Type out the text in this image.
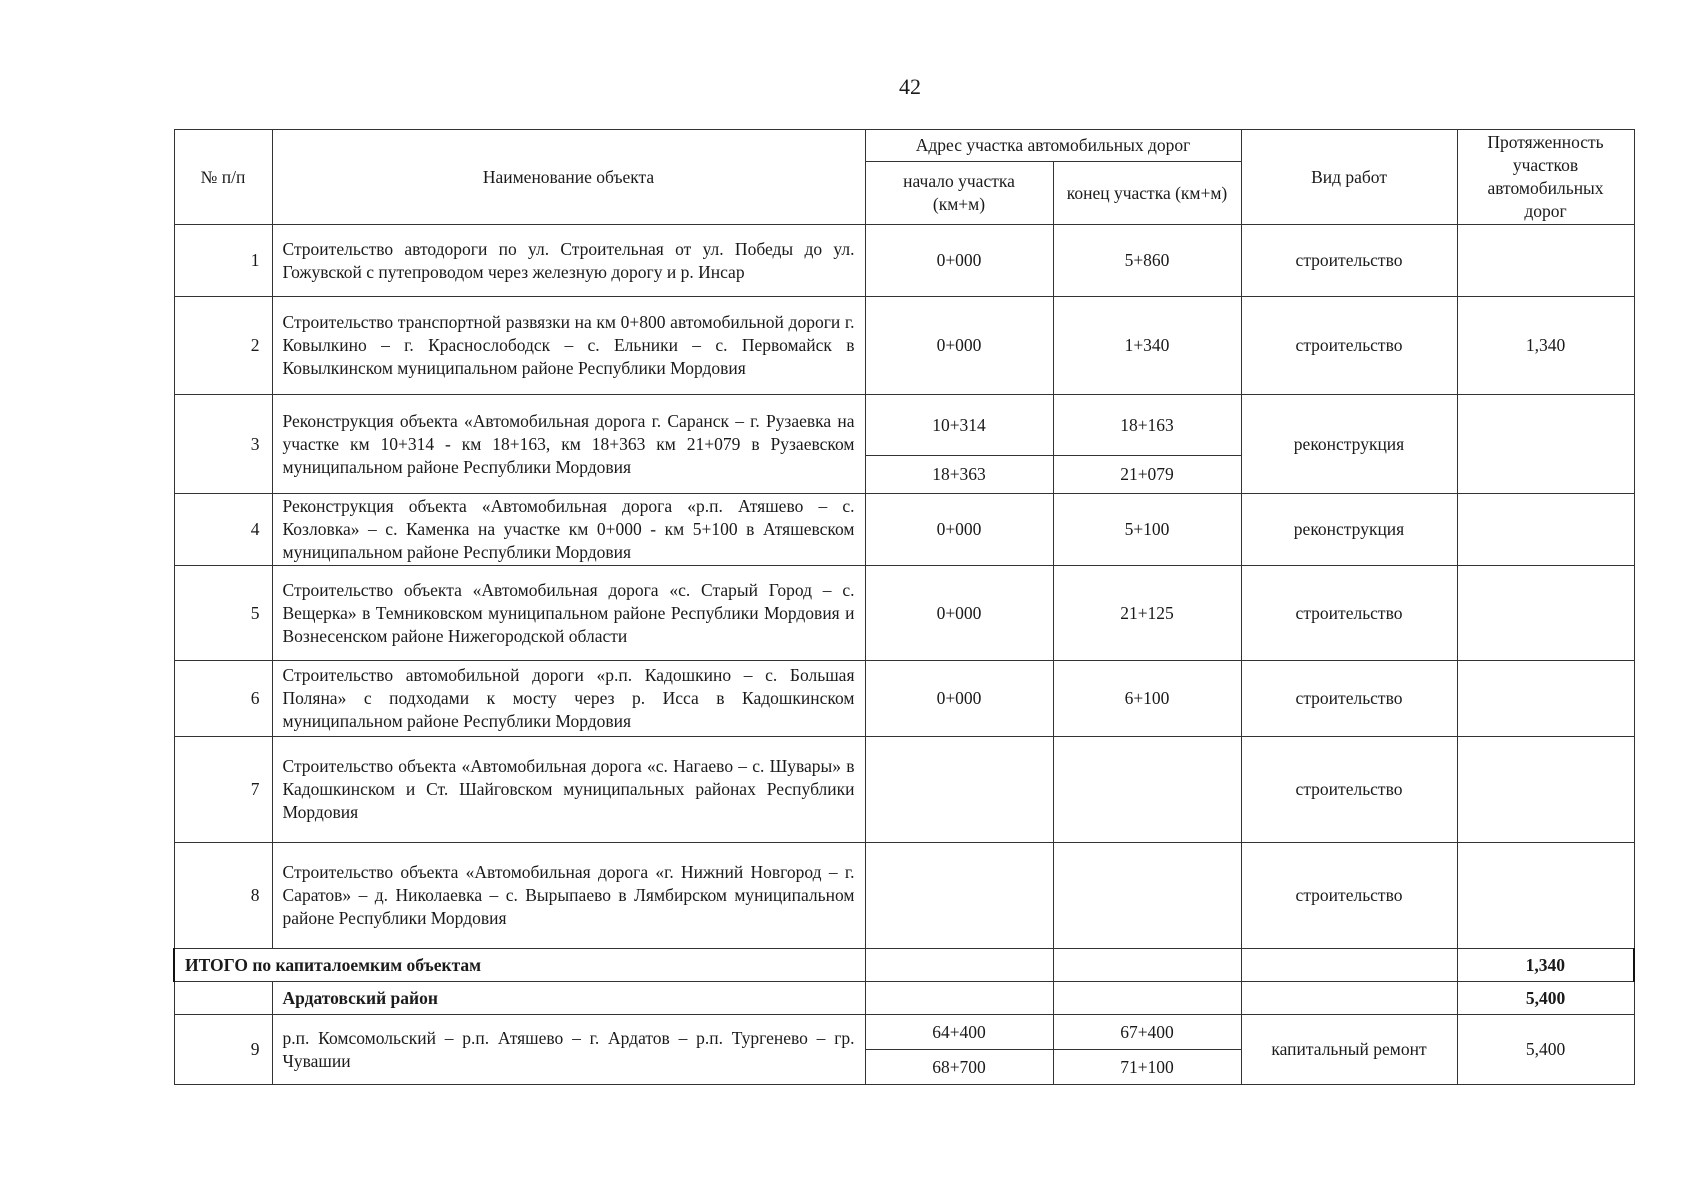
42
№ п/п	Наименование объекта	Адрес участка автомобильных дорог		Вид работ	Протяженность участков автомобильных дорог
		начало участка (км+м)	конец участка (км+м)		
1	Строительство автодороги по ул. Строительная от ул. Победы до ул. Гожувской с путепроводом через железную дорогу и р. Инсар	0+000	5+860	строительство	
2	Строительство транспортной развязки на км 0+800 автомобильной дороги г. Ковылкино – г. Краснослободск – с. Ельники – с. Первомайск в Ковылкинском муниципальном районе Республики Мордовия	0+000	1+340	строительство	1,340
3	Реконструкция объекта «Автомобильная дорога г. Саранск – г. Рузаевка на участке км 10+314 - км 18+163, км 18+363 км 21+079 в Рузаевском муниципальном районе Республики Мордовия	10+314	18+163	реконструкция	
		18+363	21+079		
4	Реконструкция объекта «Автомобильная дорога «р.п. Атяшево – с. Козловка» – с. Каменка на участке км 0+000 - км 5+100 в Атяшевском муниципальном районе Республики Мордовия	0+000	5+100	реконструкция	
5	Строительство объекта «Автомобильная дорога «с. Старый Город – с. Вещерка» в Темниковском муниципальном районе Республики Мордовия и Вознесенском районе Нижегородской области	0+000	21+125	строительство	
6	Строительство автомобильной дороги «р.п. Кадошкино – с. Большая Поляна» с подходами к мосту через р. Исса в Кадошкинском муниципальном районе Республики Мордовия	0+000	6+100	строительство	
7	Строительство объекта «Автомобильная дорога «с. Нагаево – с. Шувары» в Кадошкинском и Ст. Шайговском муниципальных районах Республики Мордовия			строительство	
8	Строительство объекта «Автомобильная дорога «г. Нижний Новгород – г. Саратов» – д. Николаевка – с. Вырыпаево в Лямбирском муниципальном районе Республики Мордовия			строительство	
ИТОГО по капиталоемким объектам					1,340
	Ардатовский район				5,400
9	р.п. Комсомольский – р.п. Атяшево – г. Ардатов – р.п. Тургенево – гр. Чувашии	64+400	67+400	капитальный ремонт	5,400
		68+700	71+100		
